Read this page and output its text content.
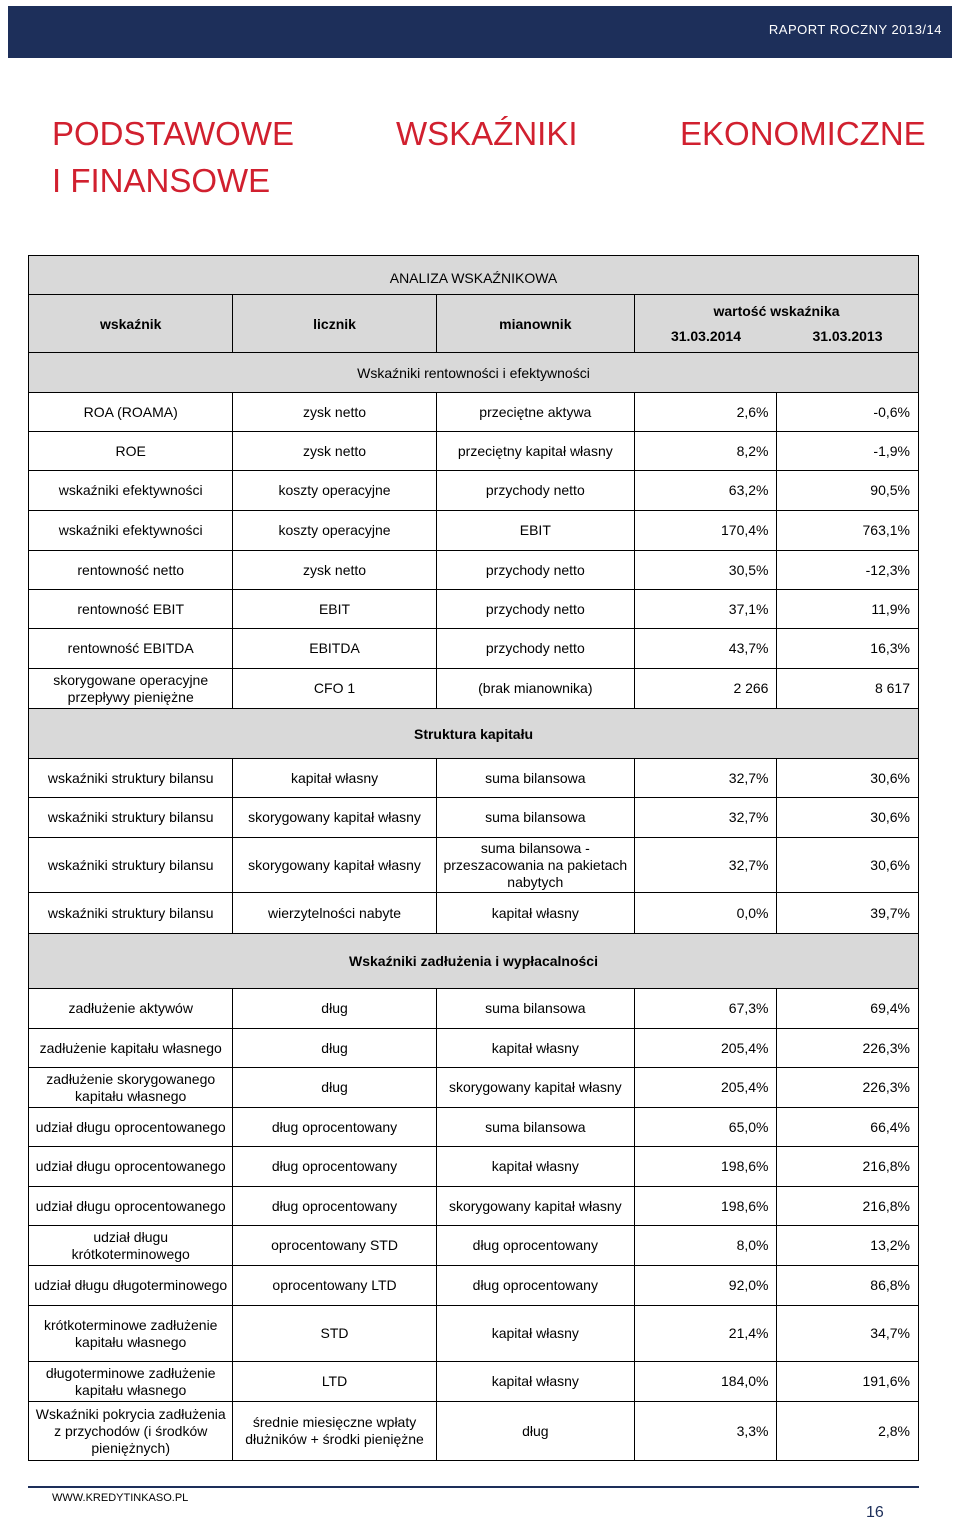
RAPORT ROCZNY 2013/14
PODSTAWOWE	WSKAŹNIKI	EKONOMICZNE
I FINANSOWE
ANALIZA WSKAŹNIKOWA				
wskaźnik	licznik	mianownik	wartość wskaźnika
31.03.2014 31.03.2013	

Wskaźniki rentowności i efektywności				

ROA (ROAMA)	zysk netto	przeciętne aktywa	2,6%	-0,6%

ROE	zysk netto	przeciętny kapitał własny	8,2%	-1,9%

wskaźniki efektywności	koszty operacyjne	przychody netto	63,2%	90,5%

wskaźniki efektywności	koszty operacyjne	EBIT	170,4%	763,1%

rentowność netto	zysk netto	przychody netto	30,5%	-12,3%

rentowność EBIT	EBIT	przychody netto	37,1%	11,9%

rentowność EBITDA	EBITDA	przychody netto	43,7%	16,3%

skorygowane operacyjne przepływy pieniężne	CFO 1	(brak mianownika)	2 266	8 617

Struktura kapitału				

wskaźniki struktury bilansu	kapitał własny	suma bilansowa	32,7%	30,6%

wskaźniki struktury bilansu	skorygowany kapitał własny	suma bilansowa	32,7%	30,6%

wskaźniki struktury bilansu	skorygowany kapitał własny	suma bilansowa - przeszacowania na pakietach nabytych	32,7%	30,6%

wskaźniki struktury bilansu	wierzytelności nabyte	kapitał własny	0,0%	39,7%

Wskaźniki zadłużenia i wypłacalności				

zadłużenie aktywów	dług	suma bilansowa	67,3%	69,4%

zadłużenie kapitału własnego	dług	kapitał własny	205,4%	226,3%

zadłużenie skorygowanego kapitału własnego	dług	skorygowany kapitał własny	205,4%	226,3%

udział długu oprocentowanego	dług oprocentowany	suma bilansowa	65,0%	66,4%

udział długu oprocentowanego	dług oprocentowany	kapitał własny	198,6%	216,8%

udział długu oprocentowanego	dług oprocentowany	skorygowany kapitał własny	198,6%	216,8%

udział długu krótkoterminowego	oprocentowany STD	dług oprocentowany	8,0%	13,2%

udział długu długoterminowego	oprocentowany LTD	dług oprocentowany	92,0%	86,8%

krótkoterminowe zadłużenie kapitału własnego	STD	kapitał własny	21,4%	34,7%

długoterminowe zadłużenie kapitału własnego	LTD	kapitał własny	184,0%	191,6%

Wskaźniki pokrycia zadłużenia z przychodów (i środków pieniężnych)	średnie miesięczne wpłaty dłużników + środki pieniężne	dług	3,3%	2,8%
WWW.KREDYTINKASO.PL
16
